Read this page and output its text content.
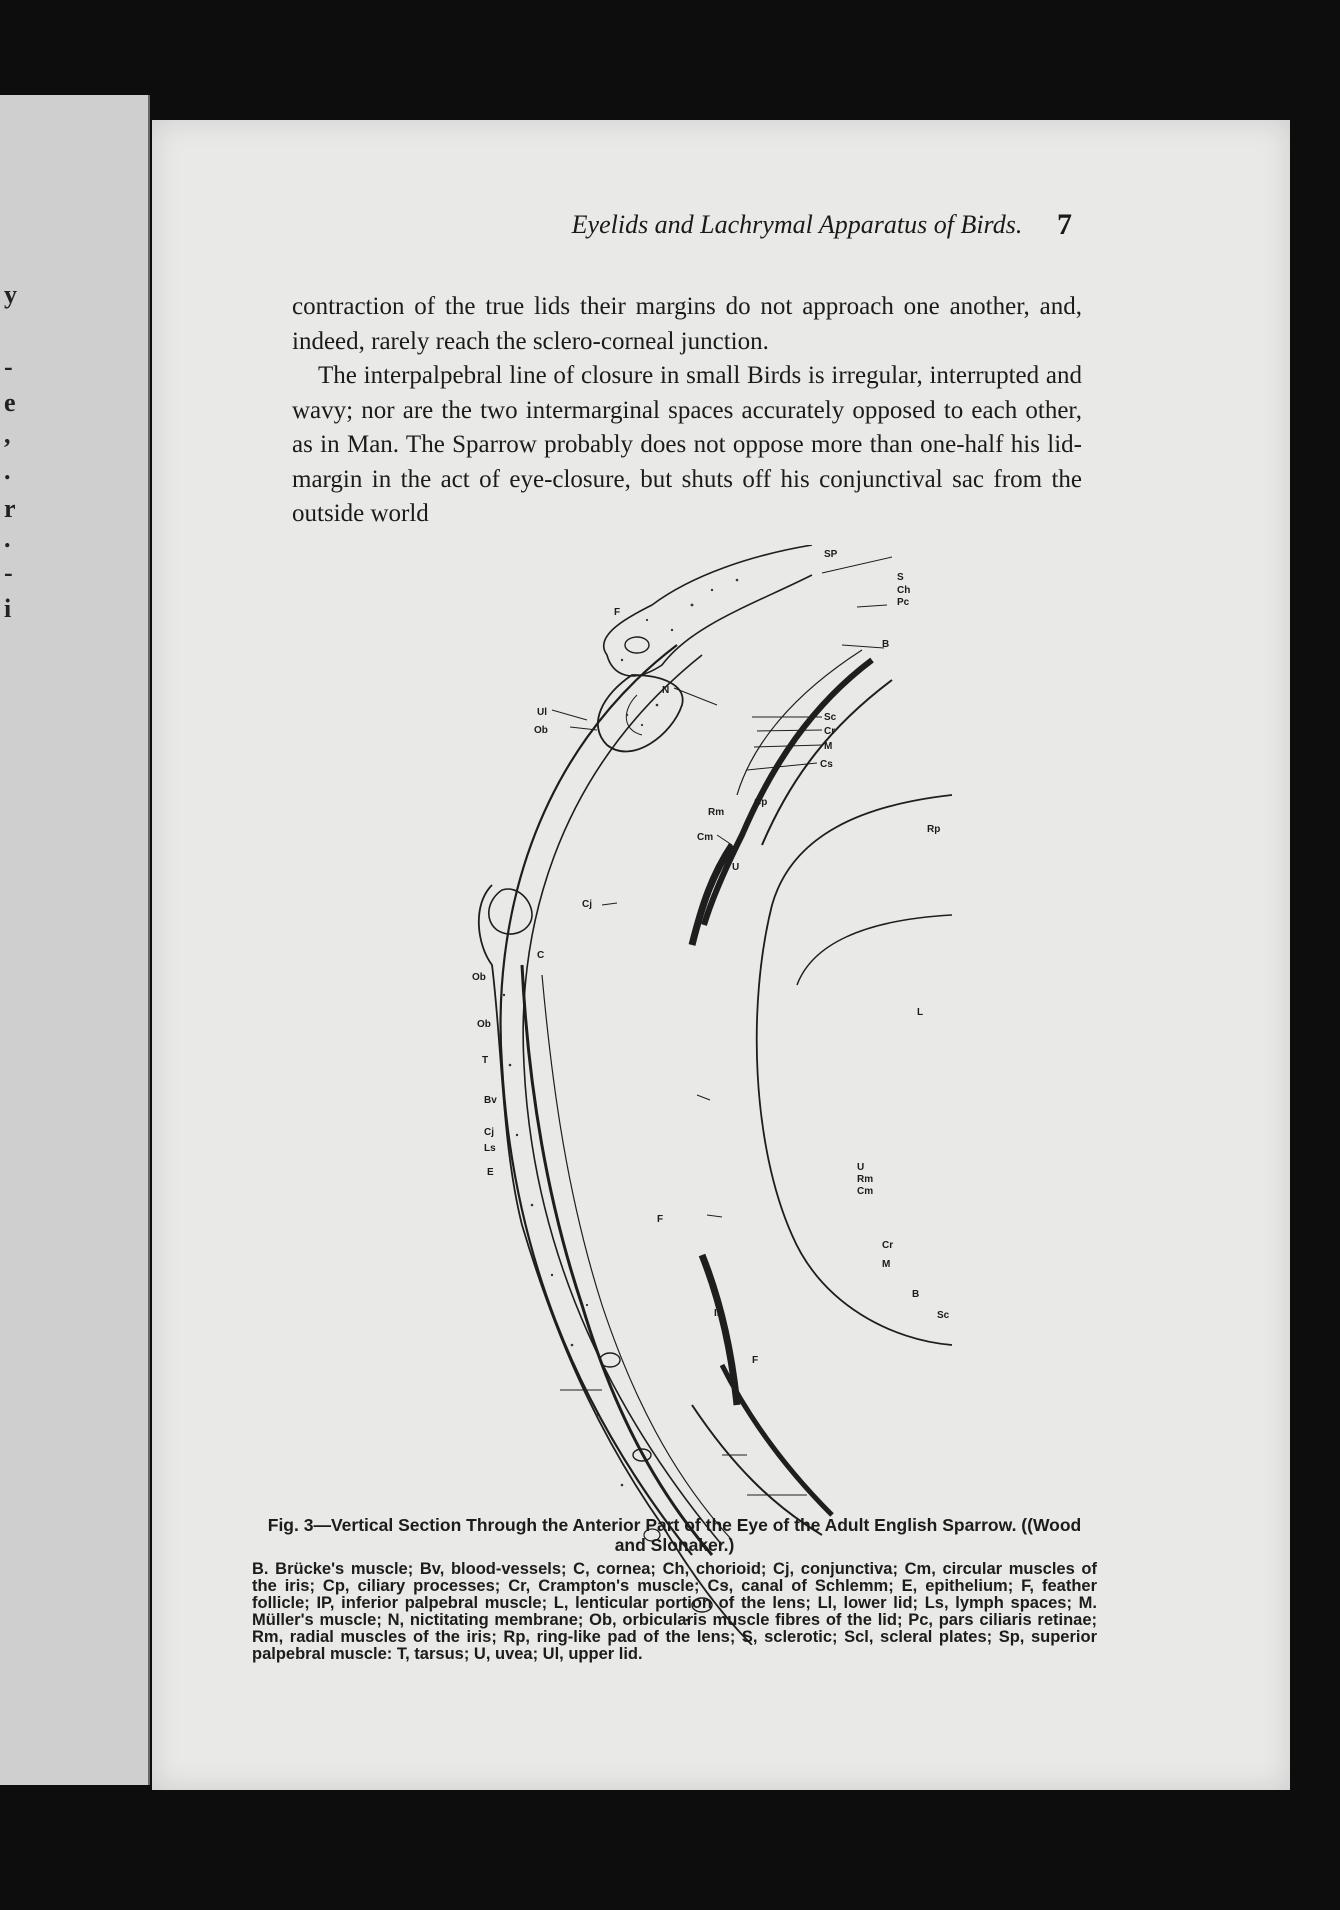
y
-
e
,
.
r
.
-
i
Eyelids and Lachrymal Apparatus of Birds.	7

contraction of the true lids their margins do not approach one another, and, indeed, rarely reach the sclero-corneal junction.

The interpalpebral line of closure in small Birds is irregular, interrupted and wavy; nor are the two intermarginal spaces accurately opposed to each other, as in Man. The Sparrow probably does not oppose more than one-half his lid-margin in the act of eye-closure, but shuts off his conjunctival sac from the outside world

SP
S
Ch
Pc
F
B
N
Ul
Ob
Sc
Cr
M
Cs
Rm
Cp
Cm
U
Rp
Cj
C
Ob
Ob
T
Bv
Cj
Ls
E
L
U
Rm
Cm
Cr
M
B
Sc
F
IP
F
Fig. 3—Vertical Section Through the Anterior Part of the Eye of the Adult English Sparrow. ((Wood and Slonaker.)
B. Brücke's muscle; Bv, blood-vessels; C, cornea; Ch, chorioid; Cj, conjunctiva; Cm, circular muscles of the iris; Cp, ciliary processes; Cr, Crampton's muscle; Cs, canal of Schlemm; E, epithelium; F, feather follicle; IP, inferior palpebral muscle; L, lenticular portion of the lens; Ll, lower lid; Ls, lymph spaces; M. Müller's muscle; N, nictitating membrane; Ob, orbicularis muscle fibres of the lid; Pc, pars ciliaris retinae; Rm, radial muscles of the iris; Rp, ring-like pad of the lens; S, sclerotic; Scl, scleral plates; Sp, superior palpebral muscle: T, tarsus; U, uvea; Ul, upper lid.
